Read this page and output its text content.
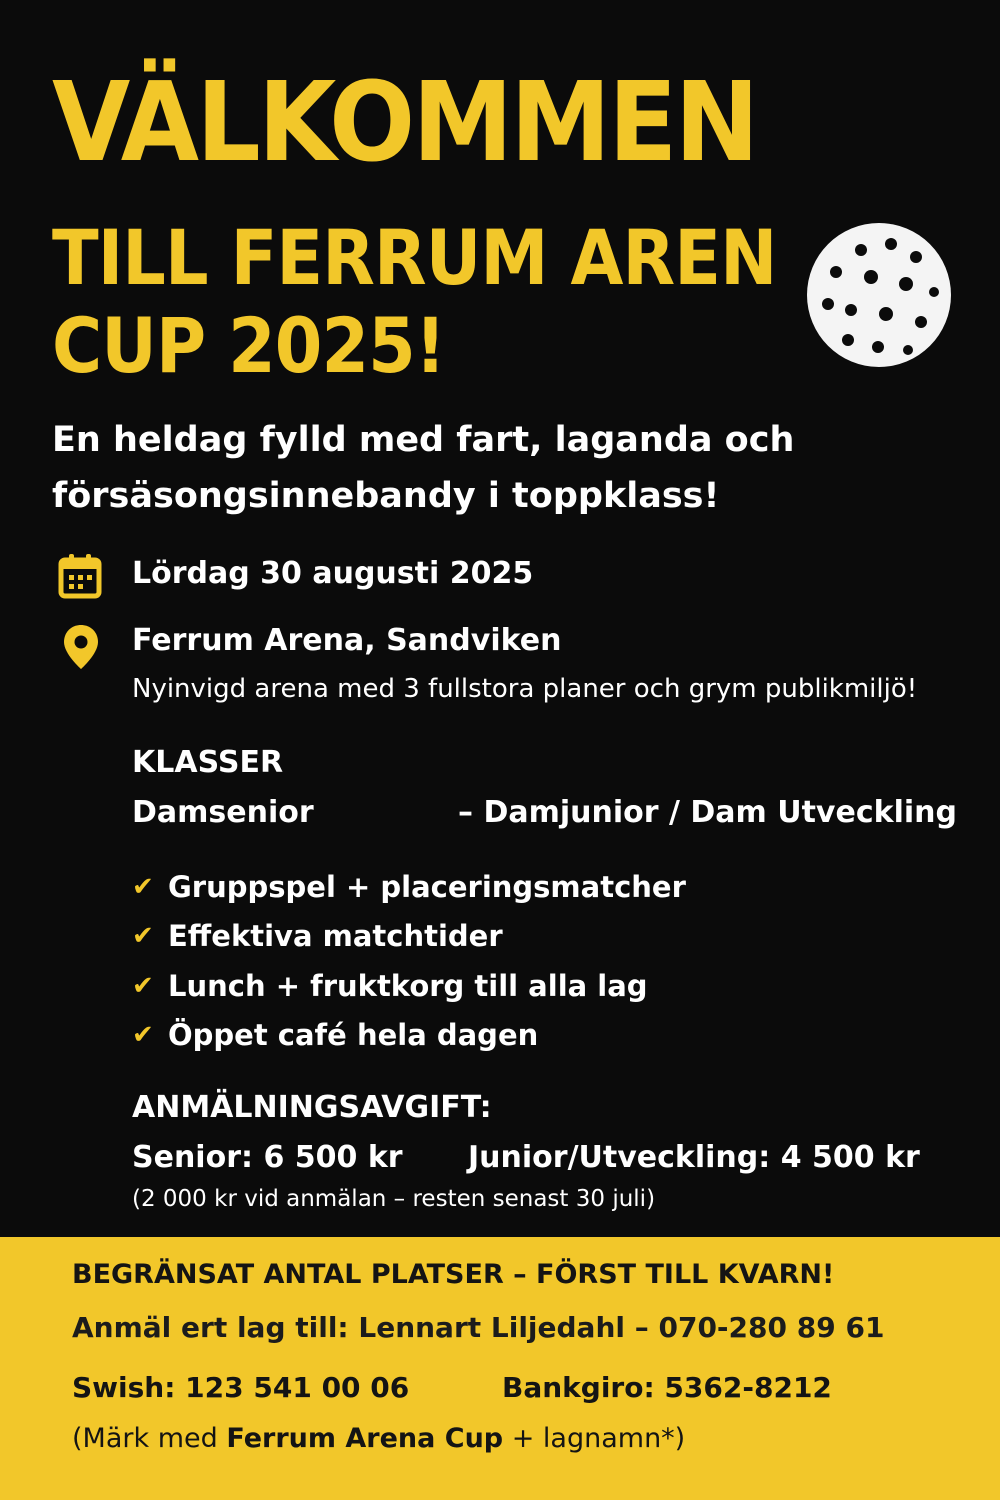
VÄLKOMMEN
TILL FERRUM AREN
CUP 2025!

En heldag fylld med fart, laganda och försäsongsinnebandy i toppklass!

Lördag 30 augusti 2025
Ferrum Arena, Sandviken
Nyinvigd arena med 3 fullstora planer och grym publikmiljö!
KLASSER
Damsenior	– Damjunior / Dam Utveckling
✔ Gruppspel + placeringsmatcher
✔ Effektiva matchtider
✔ Lunch + fruktkorg till alla lag
✔ Öppet café hela dagen
ANMÄLNINGSAVGIFT:
Senior: 6 500 kr Junior/Utveckling: 4 500 kr
(2 000 kr vid anmälan – resten senast 30 juli)
BEGRÄNSAT ANTAL PLATSER – FÖRST TILL KVARN!
Anmäl ert lag till: Lennart Liljedahl – 070-280 89 61
Swish: 123 541 00 06	Bankgiro: 5362-8212
(Märk med Ferrum Arena Cup + lagnamn*)
